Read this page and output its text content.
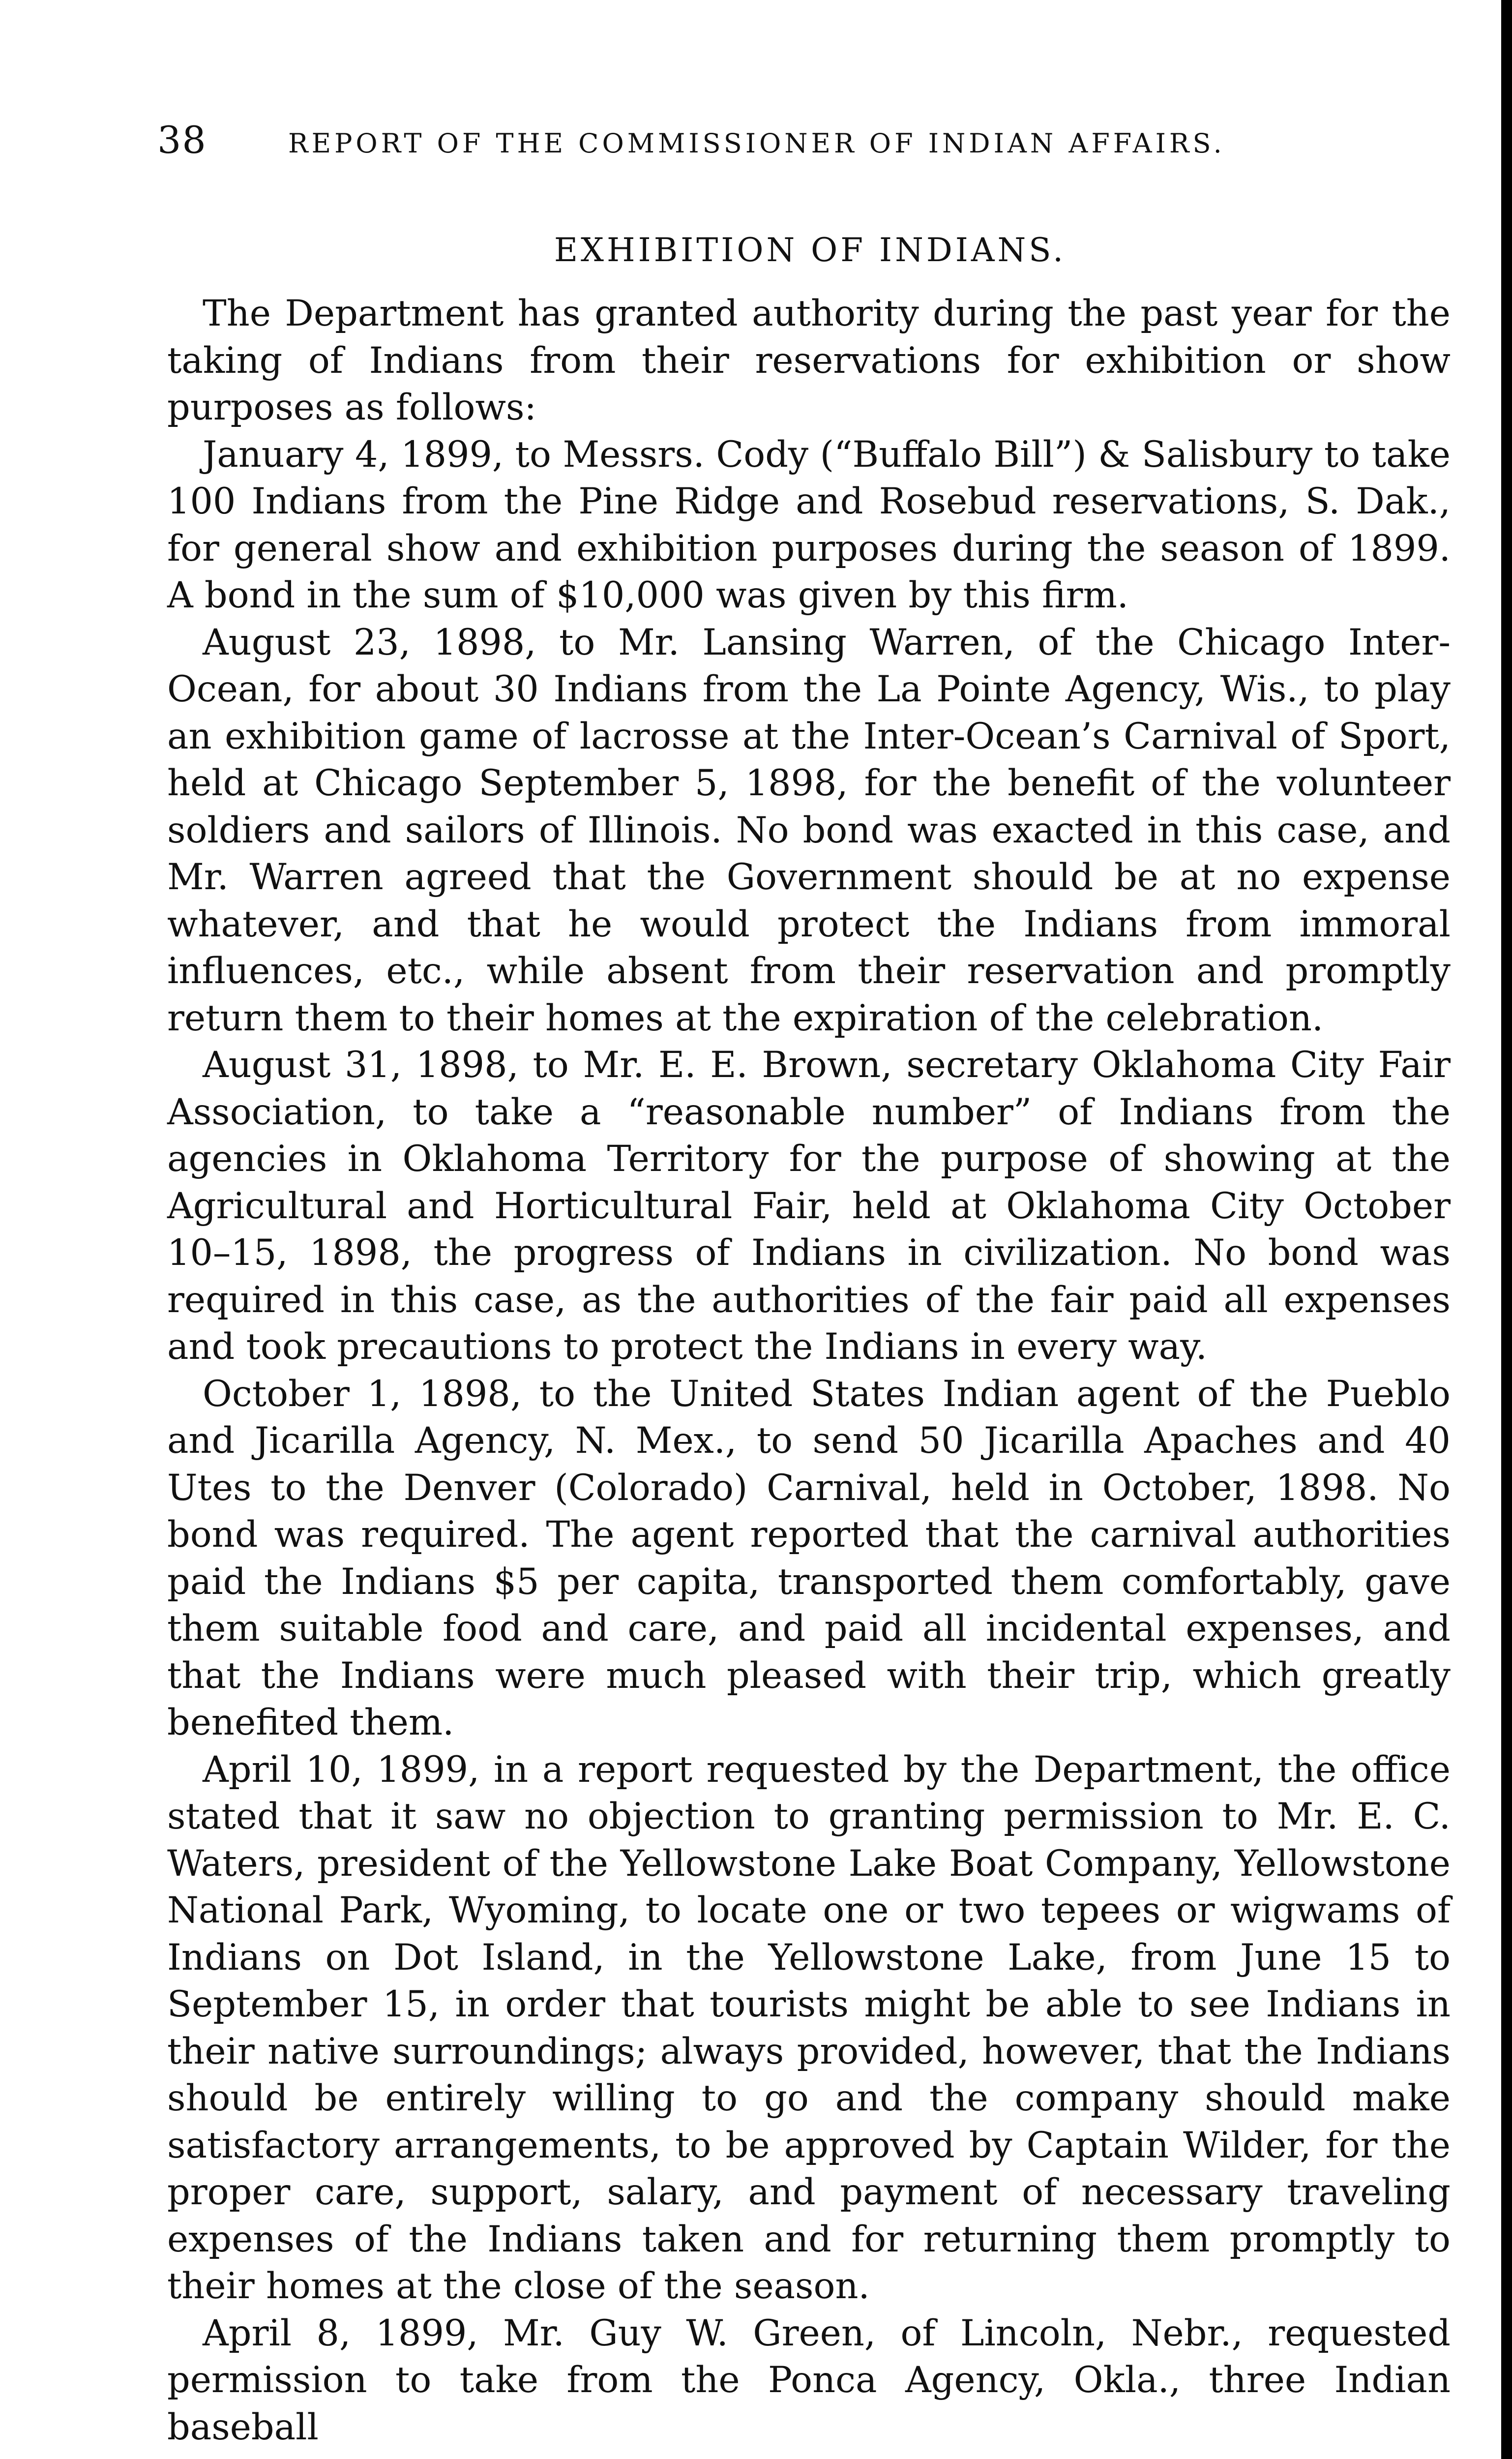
38	REPORT OF THE COMMISSIONER OF INDIAN AFFAIRS.
EXHIBITION OF INDIANS.

The Department has granted authority during the past year for the taking of Indians from their reservations for exhibition or show purposes as follows:

January 4, 1899, to Messrs. Cody (“Buffalo Bill”) & Salisbury to take 100 Indians from the Pine Ridge and Rosebud reservations, S. Dak., for general show and exhibition purposes during the season of 1899. A bond in the sum of $10,000 was given by this firm.

August 23, 1898, to Mr. Lansing Warren, of the Chicago Inter-Ocean, for about 30 Indians from the La Pointe Agency, Wis., to play an exhibition game of lacrosse at the Inter-Ocean’s Carnival of Sport, held at Chicago September 5, 1898, for the benefit of the volunteer soldiers and sailors of Illinois. No bond was exacted in this case, and Mr. Warren agreed that the Government should be at no expense whatever, and that he would protect the Indians from immoral influences, etc., while absent from their reservation and promptly return them to their homes at the expiration of the celebration.

August 31, 1898, to Mr. E. E. Brown, secretary Oklahoma City Fair Association, to take a “reasonable number” of Indians from the agencies in Oklahoma Territory for the purpose of showing at the Agricultural and Horticultural Fair, held at Oklahoma City October 10–15, 1898, the progress of Indians in civilization. No bond was required in this case, as the authorities of the fair paid all expenses and took precautions to protect the Indians in every way.

October 1, 1898, to the United States Indian agent of the Pueblo and Jicarilla Agency, N. Mex., to send 50 Jicarilla Apaches and 40 Utes to the Denver (Colorado) Carnival, held in October, 1898. No bond was required. The agent reported that the carnival authorities paid the Indians $5 per capita, transported them comfortably, gave them suitable food and care, and paid all incidental expenses, and that the Indians were much pleased with their trip, which greatly benefited them.

April 10, 1899, in a report requested by the Department, the office stated that it saw no objection to granting permission to Mr. E. C. Waters, president of the Yellowstone Lake Boat Company, Yellowstone National Park, Wyoming, to locate one or two tepees or wigwams of Indians on Dot Island, in the Yellowstone Lake, from June 15 to September 15, in order that tourists might be able to see Indians in their native surroundings; always provided, however, that the Indians should be entirely willing to go and the company should make satisfactory arrangements, to be approved by Captain Wilder, for the proper care, support, salary, and payment of necessary traveling expenses of the Indians taken and for returning them promptly to their homes at the close of the season.

April 8, 1899, Mr. Guy W. Green, of Lincoln, Nebr., requested permission to take from the Ponca Agency, Okla., three Indian baseball
